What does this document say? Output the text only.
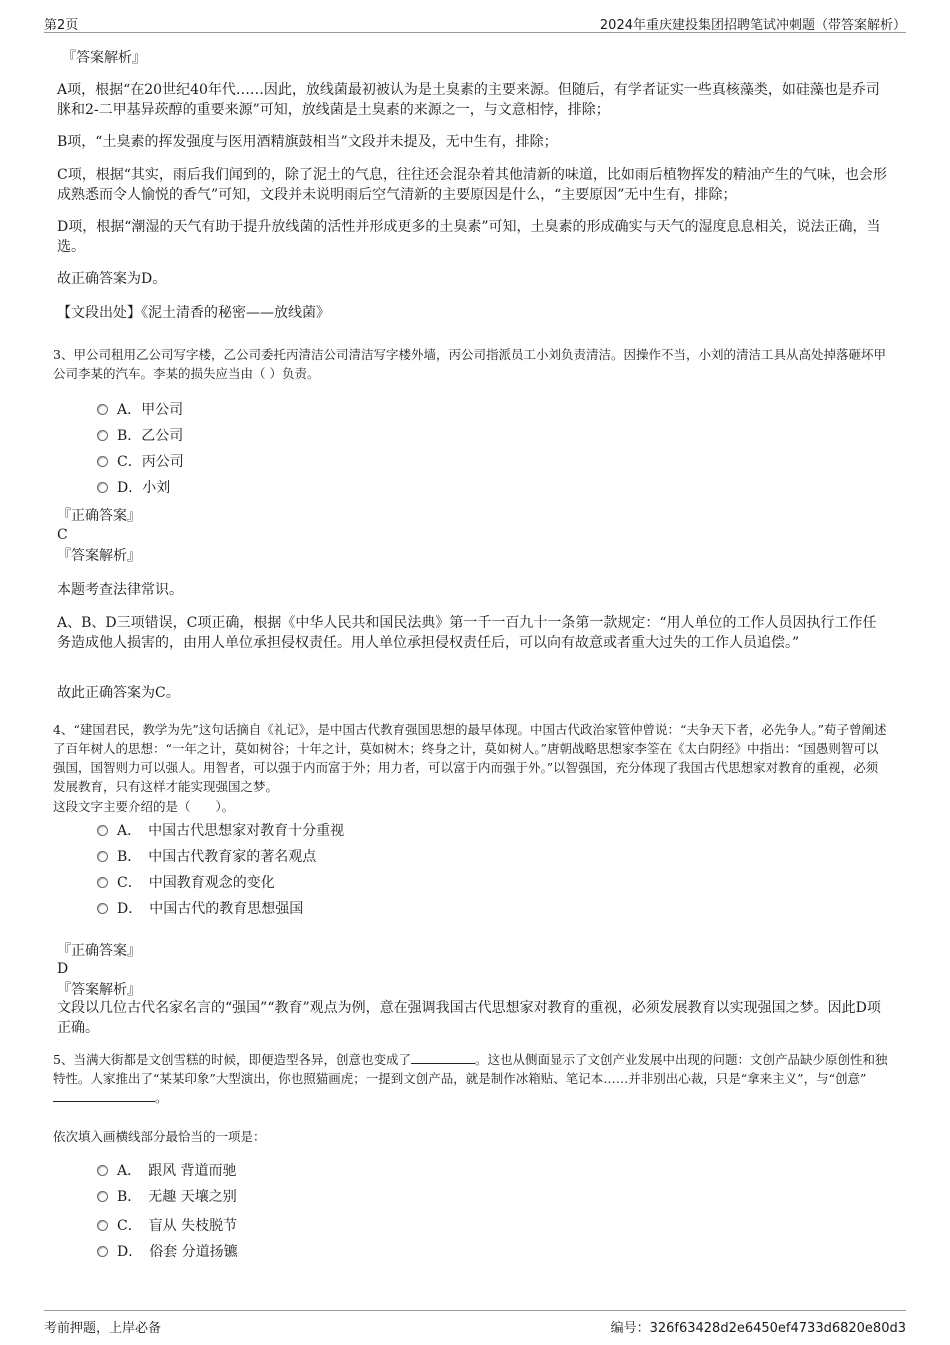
第2页	2024年重庆建投集团招聘笔试冲刺题（带答案解析）
『答案解析』
A项，根据“在20世纪40年代……因此，放线菌最初被认为是土臭素的主要来源。但随后，有学者证实一些真核藻类，如硅藻也是乔司脒和2-二甲基异莰醇的重要来源”可知，放线菌是土臭素的来源之一，与文意相悖，排除；
B项，“土臭素的挥发强度与医用酒精旗鼓相当”文段并未提及，无中生有，排除；
C项，根据“其实，雨后我们闻到的，除了泥土的气息，往往还会混杂着其他清新的味道，比如雨后植物挥发的精油产生的气味，也会形成熟悉而令人愉悦的香气”可知，文段并未说明雨后空气清新的主要原因是什么，“主要原因”无中生有，排除；
D项，根据“潮湿的天气有助于提升放线菌的活性并形成更多的土臭素”可知，土臭素的形成确实与天气的湿度息息相关，说法正确，当选。
故正确答案为D。
【文段出处】《泥土清香的秘密——放线菌》
3、甲公司租用乙公司写字楼，乙公司委托丙清洁公司清洁写字楼外墙，丙公司指派员工小刘负责清洁。因操作不当，小刘的清洁工具从高处掉落砸坏甲公司李某的汽车。李某的损失应当由（ ）负责。
A．甲公司
B．乙公司
C．丙公司
D．小刘
『正确答案』
C
『答案解析』
本题考查法律常识。
A、B、D三项错误，C项正确，根据《中华人民共和国民法典》第一千一百九十一条第一款规定：“用人单位的工作人员因执行工作任务造成他人损害的，由用人单位承担侵权责任。用人单位承担侵权责任后，可以向有故意或者重大过失的工作人员追偿。”
故此正确答案为C。
4、“建国君民，教学为先”这句话摘自《礼记》，是中国古代教育强国思想的最早体现。中国古代政治家管仲曾说：“夫争天下者，必先争人。”荀子曾阐述了百年树人的思想：“一年之计，莫如树谷；十年之计，莫如树木；终身之计，莫如树人。”唐朝战略思想家李筌在《太白阴经》中指出：“国愚则智可以强国，国智则力可以强人。用智者，可以强于内而富于外；用力者，可以富于内而强于外。”以智强国，充分体现了我国古代思想家对教育的重视，必须发展教育，只有这样才能实现强国之梦。
这段文字主要介绍的是（　　）。
A．　中国古代思想家对教育十分重视
B．　中国古代教育家的著名观点
C．　中国教育观念的变化
D．　中国古代的教育思想强国
『正确答案』
D
『答案解析』
文段以几位古代名家名言的“强国”“教育”观点为例，意在强调我国古代思想家对教育的重视，必须发展教育以实现强国之梦。因此D项正确。
5、当满大街都是文创雪糕的时候，即便造型各异，创意也变成了	。这也从侧面显示了文创产业发展中出现的问题：文创产品缺少原创性和独特性。人家推出了“某某印象”大型演出，你也照猫画虎；一提到文创产品，就是制作冰箱贴、笔记本……并非别出心裁，只是“拿来主义”，与“创意”。
依次填入画横线部分最恰当的一项是：
A．　跟风 背道而驰
B．　无趣 天壤之别
C．　盲从 失枝脱节
D．　俗套 分道扬镳
考前押题，上岸必备	编号：326f63428d2e6450ef4733d6820e80d3
